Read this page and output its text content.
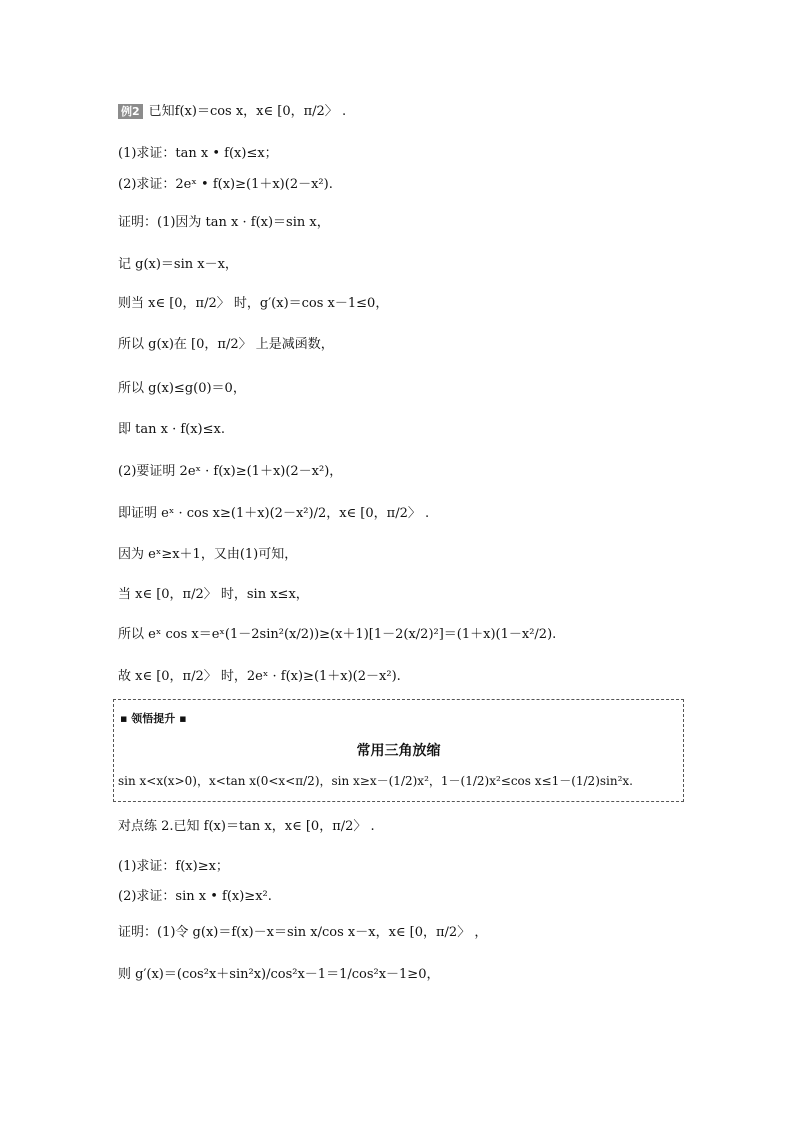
例2 已知f(x)＝cos x，x∈ [0，π/2〉 .
(1)求证：tan x • f(x)≤x；
(2)求证：2eˣ • f(x)≥(1＋x)(2－x²).
证明：(1)因为 tan x · f(x)＝sin x，
记 g(x)＝sin x－x，
则当 x∈ [0，π/2〉 时，g′(x)＝cos x－1≤0，
所以 g(x)在 [0，π/2〉 上是减函数，
所以 g(x)≤g(0)＝0，
即 tan x · f(x)≤x.
(2)要证明 2eˣ · f(x)≥(1＋x)(2－x²)，
即证明 eˣ · cos x≥(1＋x)(2－x²)/2，x∈ [0，π/2〉 .
因为 eˣ≥x＋1，又由(1)可知，
当 x∈ [0，π/2〉 时，sin x≤x，
所以 eˣ cos x＝eˣ(1－2sin²(x/2))≥(x＋1)[1－2(x/2)²]＝(1＋x)(1－x²/2).
故 x∈ [0，π/2〉 时，2eˣ · f(x)≥(1＋x)(2－x²).
▪ 领悟提升 ▪
常用三角放缩
sin x<x(x>0)，x<tan x(0<x<π/2)，sin x≥x－(1/2)x²，1－(1/2)x²≤cos x≤1－(1/2)sin²x.
对点练 2.已知 f(x)＝tan x，x∈ [0，π/2〉 .
(1)求证：f(x)≥x；
(2)求证：sin x • f(x)≥x².
证明：(1)令 g(x)＝f(x)－x＝sin x/cos x－x，x∈ [0，π/2〉 ，
则 g′(x)＝(cos²x＋sin²x)/cos²x－1＝1/cos²x－1≥0，
